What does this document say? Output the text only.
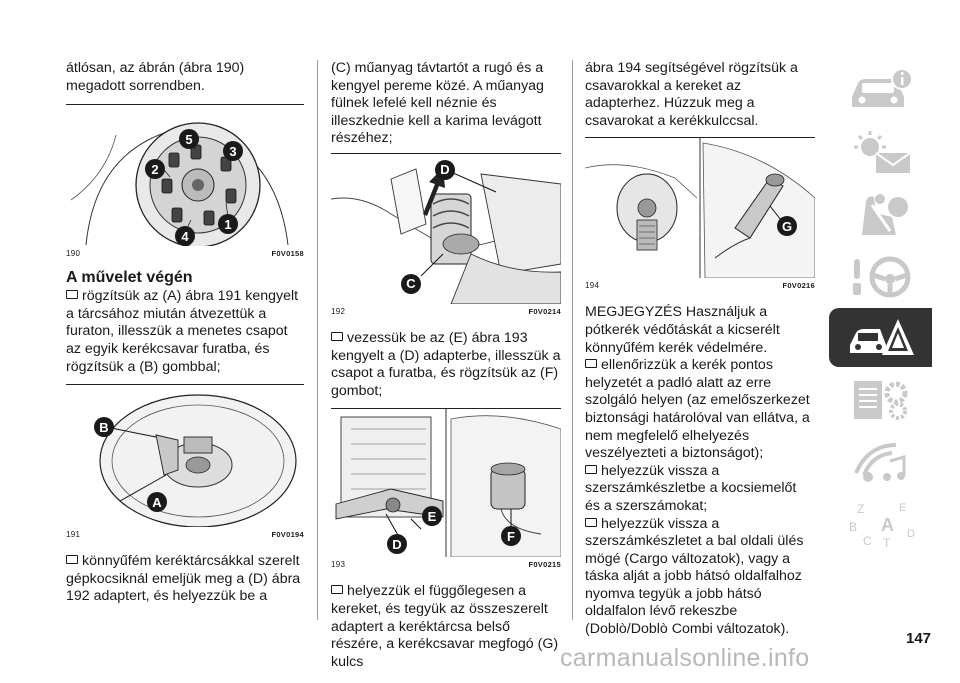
átlósan, az ábrán (ábra 190) megadott sorrendben.

5
3
2
1
4
190	F0V0158

A művelet végén

rögzítsük az (A) ábra 191 kengyelt a tárcsához miután átvezettük a furaton, illesszük a menetes csapot az egyik kerékcsavar furatba, és rögzítsük a (B) gombbal;

B
A
191	F0V0194

könnyűfém keréktárcsákkal szerelt gépkocsiknál emeljük meg a (D) ábra 192 adaptert, és helyezzük be a

(C) műanyag távtartót a rugó és a kengyel pereme közé. A műanyag fülnek lefelé kell néznie és illeszkednie kell a karima levágott részéhez;

D
C
192	F0V0214

vezessük be az (E) ábra 193 kengyelt a (D) adapterbe, illesszük a csapot a furatba, és rögzítsük az (F) gombot;

E
D
F
193	F0V0215

helyezzük el függőlegesen a kereket, és tegyük az összeszerelt adaptert a keréktárcsa belső részére, a kerékcsavar megfogó (G) kulcs

ábra 194 segítségével rögzítsük a csavarokkal a kereket az adapterhez. Húzzuk meg a csavarokat a kerékkulccsal.

G
194	F0V0216

MEGJEGYZÉS Használjuk a pótkerék védőtáskát a kicserélt könnyűfém kerék védelmére.

ellenőrizzük a kerék pontos helyzetét a padló alatt az erre szolgáló helyen (az emelőszerkezet biztonsági határolóval van ellátva, a nem megfelelő elhelyezés veszélyezteti a biztonságot);

helyezzük vissza a szerszámkészletbe a kocsiemelőt és a szerszámokat;

helyezzük vissza a szerszámkészletet a bal oldali ülés mögé (Cargo változatok), vagy a táska alját a jobb hátsó oldalfalhoz nyomva tegyük a jobb hátsó oldalfalon lévő rekeszbe (Doblò/Doblò Combi változatok).

Z	E
B A
C T
D
147
carmanualsonline.info
